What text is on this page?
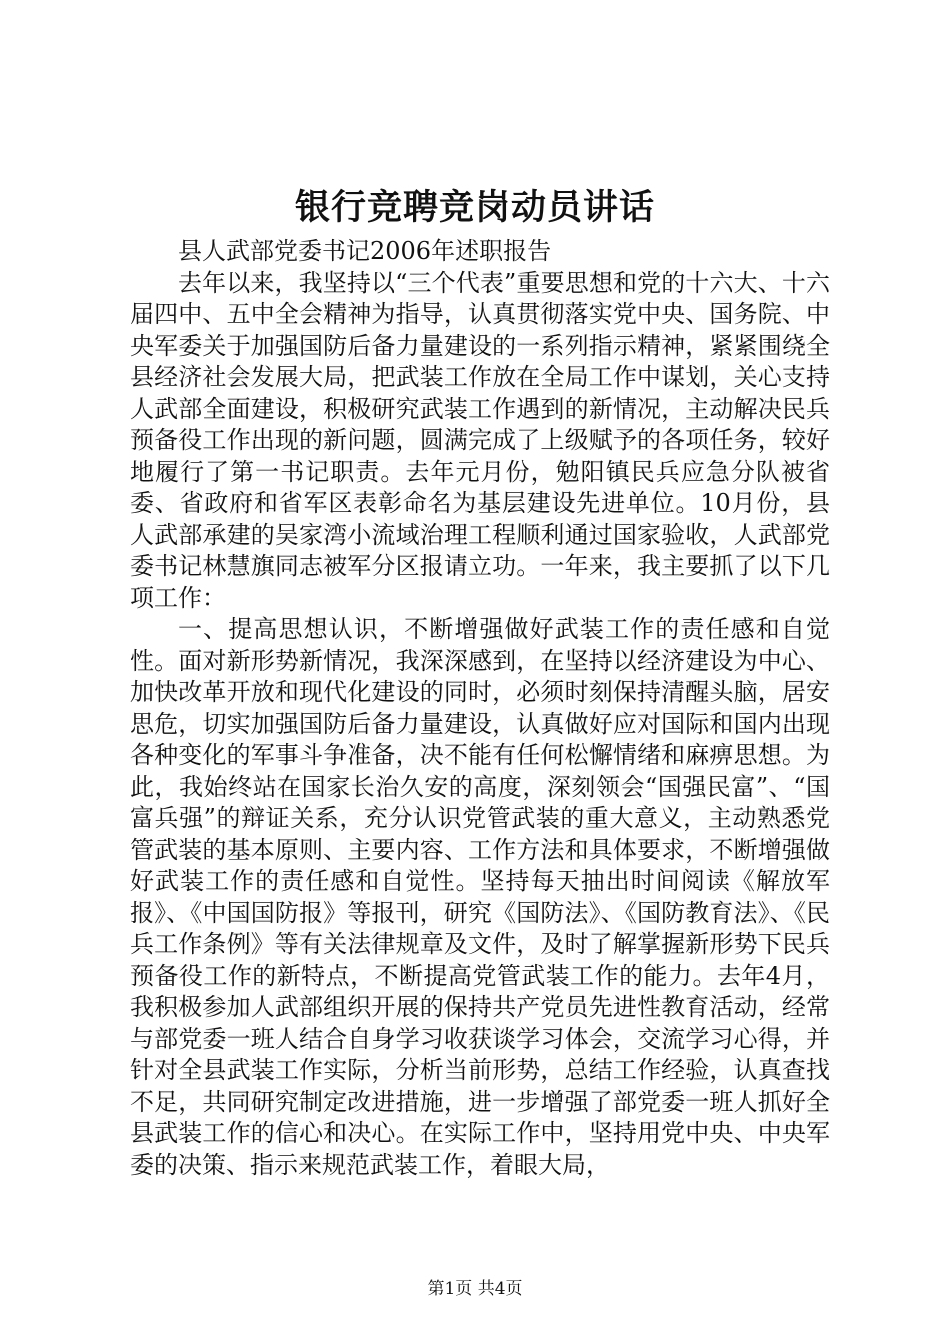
银行竞聘竞岗动员讲话

县人武部党委书记2006年述职报告

去年以来，我坚持以“三个代表”重要思想和党的十六大、十六届四中、五中全会精神为指导，认真贯彻落实党中央、国务院、中央军委关于加强国防后备力量建设的一系列指示精神，紧紧围绕全县经济社会发展大局，把武装工作放在全局工作中谋划，关心支持人武部全面建设，积极研究武装工作遇到的新情况，主动解决民兵预备役工作出现的新问题，圆满完成了上级赋予的各项任务，较好地履行了第一书记职责。去年元月份，勉阳镇民兵应急分队被省委、省政府和省军区表彰命名为基层建设先进单位。10月份，县人武部承建的吴家湾小流域治理工程顺利通过国家验收，人武部党委书记林慧旗同志被军分区报请立功。一年来，我主要抓了以下几项工作：

一、提高思想认识，不断增强做好武装工作的责任感和自觉性。面对新形势新情况，我深深感到，在坚持以经济建设为中心、加快改革开放和现代化建设的同时，必须时刻保持清醒头脑，居安思危，切实加强国防后备力量建设，认真做好应对国际和国内出现各种变化的军事斗争准备，决不能有任何松懈情绪和麻痹思想。为此，我始终站在国家长治久安的高度，深刻领会“国强民富”、“国富兵强”的辩证关系，充分认识党管武装的重大意义，主动熟悉党管武装的基本原则、主要内容、工作方法和具体要求，不断增强做好武装工作的责任感和自觉性。坚持每天抽出时间阅读《解放军报》、《中国国防报》等报刊，研究《国防法》、《国防教育法》、《民兵工作条例》等有关法律规章及文件，及时了解掌握新形势下民兵预备役工作的新特点，不断提高党管武装工作的能力。去年4月，我积极参加人武部组织开展的保持共产党员先进性教育活动，经常与部党委一班人结合自身学习收获谈学习体会，交流学习心得，并针对全县武装工作实际，分析当前形势，总结工作经验，认真查找不足，共同研究制定改进措施，进一步增强了部党委一班人抓好全县武装工作的信心和决心。在实际工作中，坚持用党中央、中央军委的决策、指示来规范武装工作，着眼大局，

第1页 共4页
